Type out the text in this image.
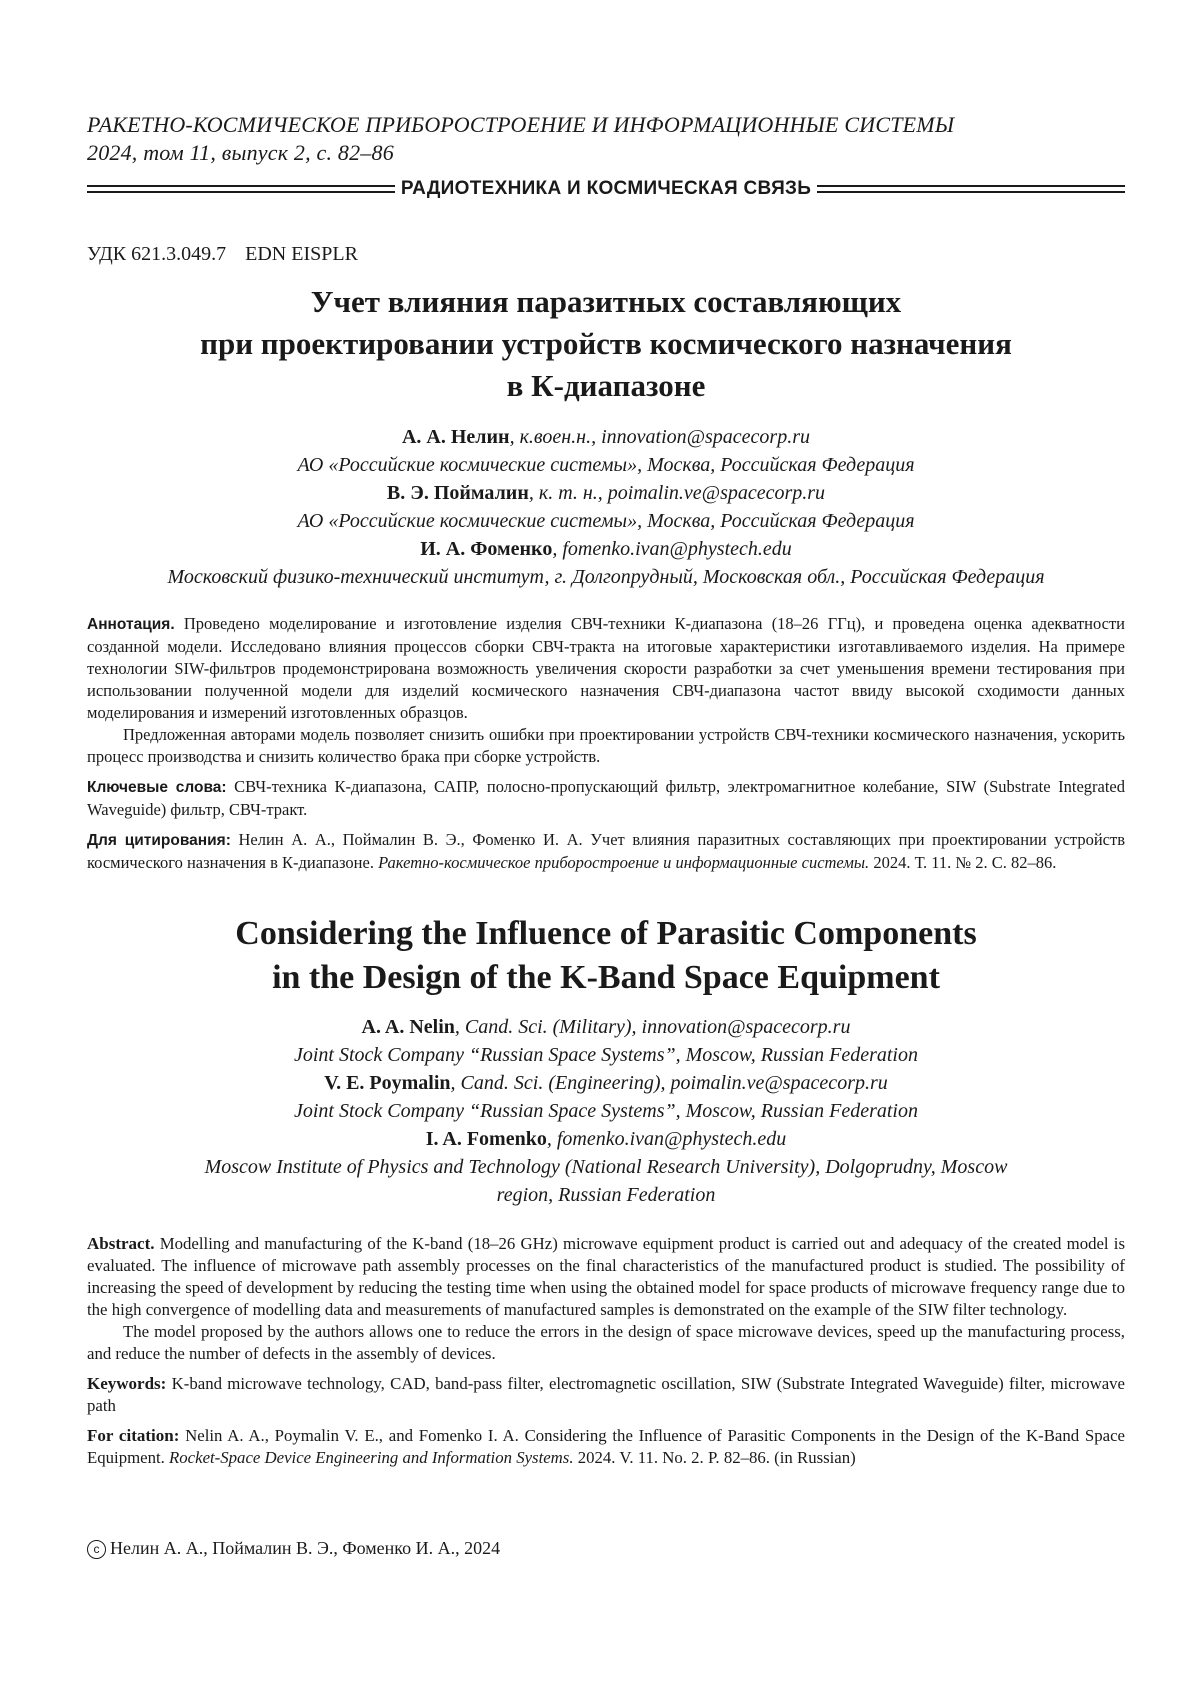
РАКЕТНО-КОСМИЧЕСКОЕ ПРИБОРОСТРОЕНИЕ И ИНФОРМАЦИОННЫЕ СИСТЕМЫ
2024, том 11, выпуск 2, с. 82–86
РАДИОТЕХНИКА И КОСМИЧЕСКАЯ СВЯЗЬ
УДК 621.3.049.7 EDN EISPLR
Учет влияния паразитных составляющих
при проектировании устройств космического назначения
в К-диапазоне
А. А. Нелин, к.воен.н., innovation@spacecorp.ru
АО «Российские космические системы», Москва, Российская Федерация
В. Э. Поймалин, к. т. н., poimalin.ve@spacecorp.ru
АО «Российские космические системы», Москва, Российская Федерация
И. А. Фоменко, fomenko.ivan@phystech.edu
Московский физико-технический институт, г. Долгопрудный, Московская обл., Российская Федерация

Аннотация. Проведено моделирование и изготовление изделия СВЧ-техники К-диапазона (18–26 ГГц), и проведена оценка адекватности созданной модели. Исследовано влияния процессов сборки СВЧ-тракта на итоговые характеристики изготавливаемого изделия. На примере технологии SIW-фильтров продемонстрирована возможность увеличения скорости разработки за счет уменьшения времени тестирования при использовании полученной модели для изделий космического назначения СВЧ-диапазона частот ввиду высокой сходимости данных моделирования и измерений изготовленных образцов.

Предложенная авторами модель позволяет снизить ошибки при проектировании устройств СВЧ-техники космического назначения, ускорить процесс производства и снизить количество брака при сборке устройств.

Ключевые слова: СВЧ-техника К-диапазона, САПР, полосно-пропускающий фильтр, электромагнитное колебание, SIW (Substrate Integrated Waveguide) фильтр, СВЧ-тракт.

Для цитирования: Нелин А. А., Поймалин В. Э., Фоменко И. А. Учет влияния паразитных составляющих при проектировании устройств космического назначения в К-диапазоне. Ракетно-космическое приборостроение и информационные системы. 2024. Т. 11. № 2. С. 82–86.

Considering the Influence of Parasitic Components
in the Design of the K-Band Space Equipment
A. A. Nelin, Cand. Sci. (Military), innovation@spacecorp.ru
Joint Stock Company “Russian Space Systems”, Moscow, Russian Federation
V. E. Poymalin, Cand. Sci. (Engineering), poimalin.ve@spacecorp.ru
Joint Stock Company “Russian Space Systems”, Moscow, Russian Federation
I. A. Fomenko, fomenko.ivan@phystech.edu
Moscow Institute of Physics and Technology (National Research University), Dolgoprudny, Moscow region, Russian Federation

Abstract. Modelling and manufacturing of the K-band (18–26 GHz) microwave equipment product is carried out and adequacy of the created model is evaluated. The influence of microwave path assembly processes on the final characteristics of the manufactured product is studied. The possibility of increasing the speed of development by reducing the testing time when using the obtained model for space products of microwave frequency range due to the high convergence of modelling data and measurements of manufactured samples is demonstrated on the example of the SIW filter technology.

The model proposed by the authors allows one to reduce the errors in the design of space microwave devices, speed up the manufacturing process, and reduce the number of defects in the assembly of devices.

Keywords: K-band microwave technology, CAD, band-pass filter, electromagnetic oscillation, SIW (Substrate Integrated Waveguide) filter, microwave path

For citation: Nelin A. A., Poymalin V. E., and Fomenko I. A. Considering the Influence of Parasitic Components in the Design of the K-Band Space Equipment. Rocket-Space Device Engineering and Information Systems. 2024. V. 11. No. 2. P. 82–86. (in Russian)

c Нелин А. А., Поймалин В. Э., Фоменко И. А., 2024
